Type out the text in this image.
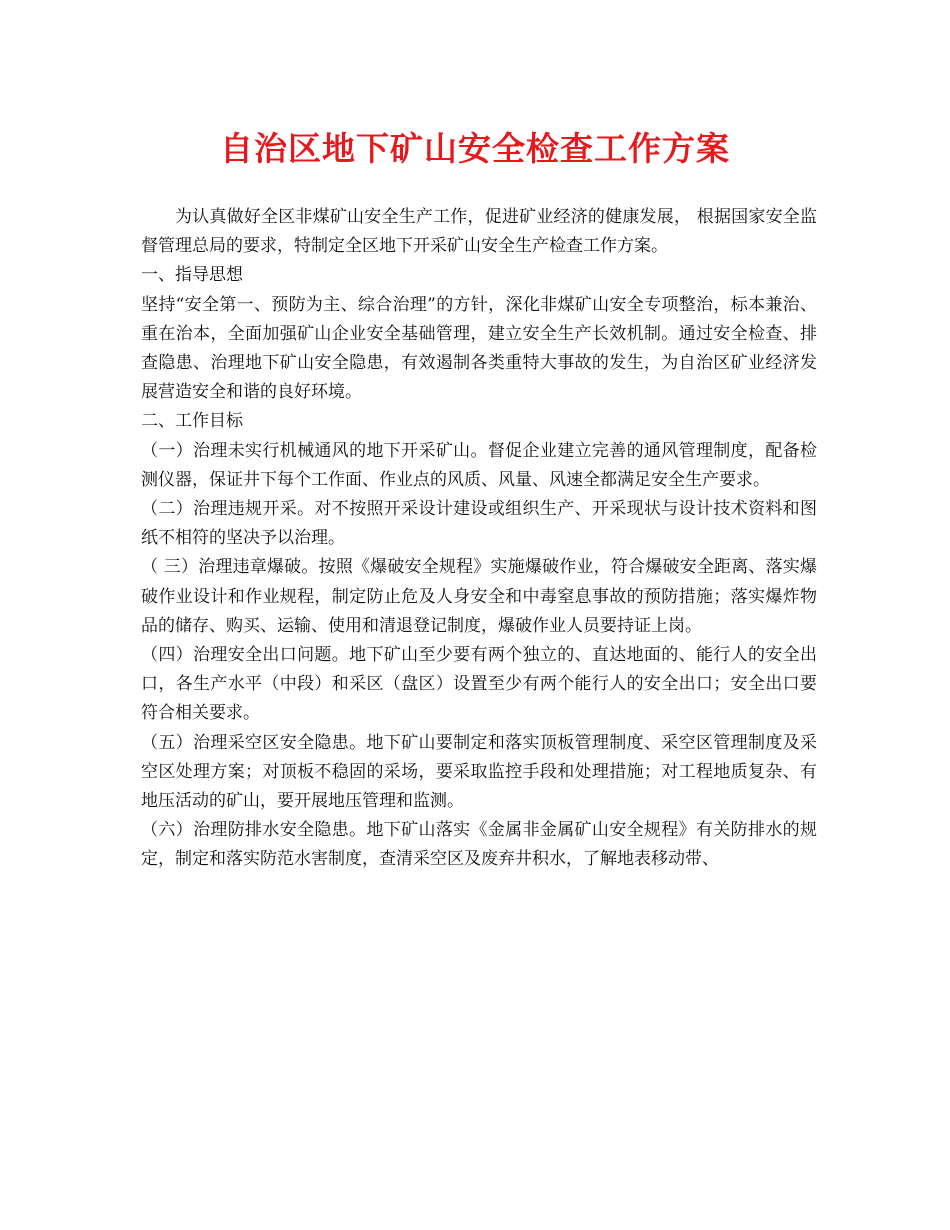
自治区地下矿山安全检查工作方案

为认真做好全区非煤矿山安全生产工作，促进矿业经济的健康发展， 根据国家安全监督管理总局的要求，特制定全区地下开采矿山安全生产检查工作方案。

一、指导思想

坚持“安全第一、预防为主、综合治理”的方针，深化非煤矿山安全专项整治，标本兼治、重在治本，全面加强矿山企业安全基础管理，建立安全生产长效机制。通过安全检查、排查隐患、治理地下矿山安全隐患，有效遏制各类重特大事故的发生，为自治区矿业经济发展营造安全和谐的良好环境。

二、工作目标

（一）治理未实行机械通风的地下开采矿山。督促企业建立完善的通风管理制度，配备检测仪器，保证井下每个工作面、作业点的风质、风量、风速全都满足安全生产要求。

（二）治理违规开采。对不按照开采设计建设或组织生产、开采现状与设计技术资料和图纸不相符的坚决予以治理。

（ 三）治理违章爆破。按照《爆破安全规程》实施爆破作业，符合爆破安全距离、落实爆破作业设计和作业规程，制定防止危及人身安全和中毒窒息事故的预防措施；落实爆炸物品的储存、购买、运输、使用和清退登记制度，爆破作业人员要持证上岗。

（四）治理安全出口问题。地下矿山至少要有两个独立的、直达地面的、能行人的安全出口，各生产水平（中段）和采区（盘区）设置至少有两个能行人的安全出口；安全出口要符合相关要求。

（五）治理采空区安全隐患。地下矿山要制定和落实顶板管理制度、采空区管理制度及采空区处理方案；对顶板不稳固的采场，要采取监控手段和处理措施；对工程地质复杂、有地压活动的矿山，要开展地压管理和监测。

（六）治理防排水安全隐患。地下矿山落实《金属非金属矿山安全规程》有关防排水的规定，制定和落实防范水害制度，查清采空区及废弃井积水，了解地表移动带、
